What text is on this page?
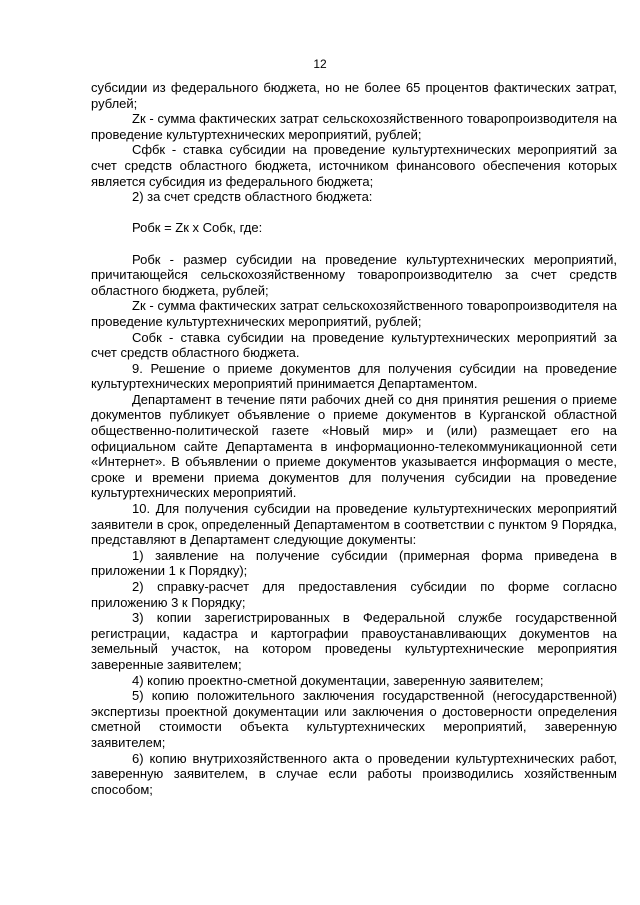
12

субсидии из федерального бюджета, но не более 65 процентов фактических затрат, рублей;

Zк - сумма фактических затрат сельскохозяйственного товаропроизводителя на проведение культуртехнических мероприятий, рублей;

Сфбк - ставка субсидии на проведение культуртехнических мероприятий за счет средств областного бюджета, источником финансового обеспечения которых является субсидия из федерального бюджета;

2) за счет средств областного бюджета:

Робк = Zк х Собк, где:

Робк - размер субсидии на проведение культуртехнических мероприятий, причитающейся сельскохозяйственному товаропроизводителю за счет средств областного бюджета, рублей;

Zк - сумма фактических затрат сельскохозяйственного товаропроизводителя на проведение культуртехнических мероприятий, рублей;

Собк - ставка субсидии на проведение культуртехнических мероприятий за счет средств областного бюджета.

9. Решение о приеме документов для получения субсидии на проведение культуртехнических мероприятий принимается Департаментом.

Департамент в течение пяти рабочих дней со дня принятия решения о приеме документов публикует объявление о приеме документов в Курганской областной общественно-политической газете «Новый мир» и (или) размещает его на официальном сайте Департамента в информационно-телекоммуникационной сети «Интернет». В объявлении о приеме документов указывается информация о месте, сроке и времени приема документов для получения субсидии на проведение культуртехнических мероприятий.

10. Для получения субсидии на проведение культуртехнических мероприятий заявители в срок, определенный Департаментом в соответствии с пунктом 9 Порядка, представляют в Департамент следующие документы:

1) заявление на получение субсидии (примерная форма приведена в приложении 1 к Порядку);

2) справку-расчет для предоставления субсидии по форме согласно приложению 3 к Порядку;

3) копии зарегистрированных в Федеральной службе государственной регистрации, кадастра и картографии правоустанавливающих документов на земельный участок, на котором проведены культуртехнические мероприятия заверенные заявителем;

4) копию проектно-сметной документации, заверенную заявителем;

5) копию положительного заключения государственной (негосударственной) экспертизы проектной документации или заключения о достоверности определения сметной стоимости объекта культуртехнических мероприятий, заверенную заявителем;

6) копию внутрихозяйственного акта о проведении культуртехнических работ, заверенную заявителем, в случае если работы производились хозяйственным способом;
